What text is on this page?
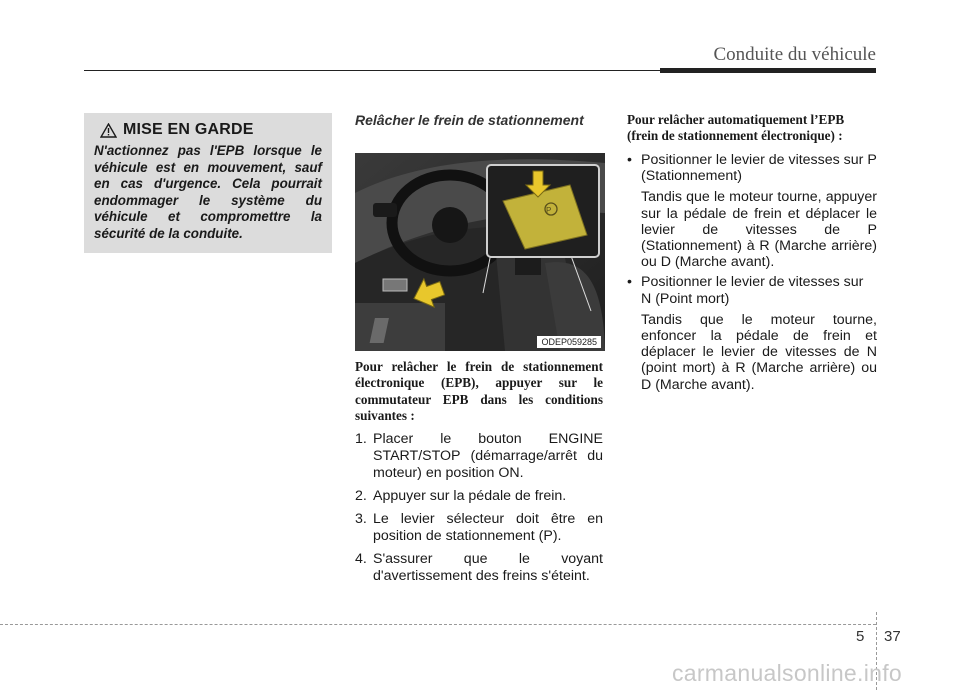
Conduite du véhicule
MISE EN GARDE
N'actionnez pas l'EPB lorsque le véhicule est en mouvement, sauf en cas d'urgence. Cela pourrait endommager le système du véhicule et compromettre la sécurité de la conduite.
Relâcher le frein de stationnement
P
ODEP059285
Pour relâcher le frein de stationnement électronique (EPB), appuyer sur le commutateur EPB dans les conditions suivantes :
1. Placer le bouton ENGINE START/STOP (démarrage/arrêt du moteur) en position ON.
2. Appuyer sur la pédale de frein.
3. Le levier sélecteur doit être en position de stationnement (P).
4. S'assurer que le voyant d'avertissement des freins s'éteint.
Pour relâcher automatiquement l’EPB (frein de stationnement électronique) :
• Positionner le levier de vitesses sur P (Stationnement)
Tandis que le moteur tourne, appuyer sur la pédale de frein et déplacer le levier de vitesses de P (Stationnement) à R (Marche arrière) ou D (Marche avant).
• Positionner le levier de vitesses sur N (Point mort)
Tandis que le moteur tourne, enfoncer la pédale de frein et déplacer le levier de vitesses de N (point mort) à R (Marche arrière) ou D (Marche avant).
5 37
carmanualsonline.info
